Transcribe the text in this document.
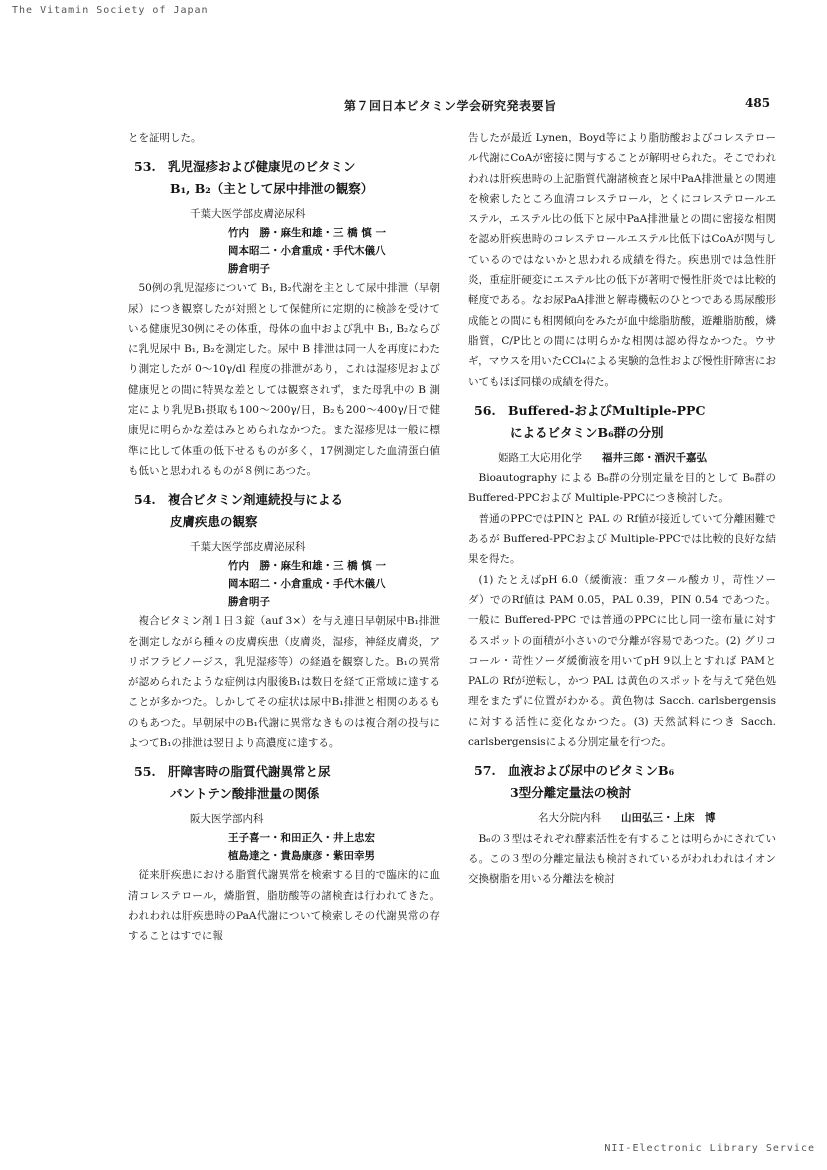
The Vitamin Society of Japan
第７回日本ビタミン学会研究発表要旨	485

とを証明した。

53. 乳児湿疹および健康児のビタミン
B₁, B₂（主として尿中排泄の観察）
千葉大医学部皮膚泌尿科
竹内　勝・麻生和雄・三 橋 慎 一
岡本昭二・小倉重成・手代木儀八
勝倉明子

50例の乳児湿疹について B₁, B₂代謝を主として尿中排泄（早朝尿）につき観察したが対照として保健所に定期的に検診を受けている健康児30例にその体重，母体の血中および乳中 B₁, B₂ならびに乳児尿中 B₁, B₂を測定した。尿中 B 排泄は同一人を再度にわたり測定したが 0～10γ/dl 程度の排泄があり，これは湿疹児および健康児との間に特異な差としては観察されず，また母乳中の B 測定により乳児B₁摂取も100～200γ/日，B₂も200～400γ/日で健康児に明らかな差はみとめられなかつた。また湿疹児は一般に標準に比して体重の低下せるものが多く，17例測定した血清蛋白値も低いと思われるものが８例にあつた。

54. 複合ビタミン剤連続投与による
皮膚疾患の観察
千葉大医学部皮膚泌尿科
竹内　勝・麻生和雄・三 橋 慎 一
岡本昭二・小倉重成・手代木儀八
勝倉明子

複合ビタミン剤１日３錠（auf 3×）を与え連日早朝尿中B₁排泄を測定しながら種々の皮膚疾患（皮膚炎，湿疹，神経皮膚炎，アリボフラビノージス，乳児湿疹等）の経過を観察した。B₁の異常が認められたような症例は内服後B₁は数日を経て正常域に達することが多かつた。しかしてその症状は尿中B₁排泄と相関のあるものもあつた。早朝尿中のB₁代謝に異常なきものは複合剤の投与によつてB₁の排泄は翌日より高濃度に達する。

55. 肝障害時の脂質代謝異常と尿
パントテン酸排泄量の関係
阪大医学部内科
王子喜一・和田正久・井上忠宏
植島達之・貴島康彦・紫田幸男

従来肝疾患における脂質代謝異常を検索する目的で臨床的に血清コレステロール，燐脂質，脂肪酸等の諸検査は行われてきた。われわれは肝疾患時のPaA代謝について検索しその代謝異常の存することはすでに報

告したが最近 Lynen，Boyd等により脂肪酸およびコレステロール代謝にCoAが密接に関与することが解明せられた。そこでわれわれは肝疾患時の上記脂質代謝諸検査と尿中PaA排泄量との関連を検索したところ血清コレステロール，とくにコレステロールエステル，エステル比の低下と尿中PaA排泄量との間に密接な相関を認め肝疾患時のコレステロールエステル比低下はCoAが関与しているのではないかと思われる成績を得た。疾患別では急性肝炎，重症肝硬変にエステル比の低下が著明で慢性肝炎では比較的軽度である。なお尿PaA排泄と解毒機転のひとつである馬尿酸形成能との間にも相関傾向をみたが血中総脂肪酸，遊離脂肪酸，燐脂質，C/P比との間には明らかな相関は認め得なかつた。ウサギ，マウスを用いたCCl₄による実験的急性および慢性肝障害においてもほぼ同様の成績を得た。

56. Buffered-およびMultiple-PPC
によるビタミンB₆群の分別
姫路工大応用化学 福井三郎・酒沢千嘉弘

Bioautography による B₆群の分別定量を目的として B₆群のBuffered-PPCおよび Multiple-PPCにつき検討した。

普通のPPCではPINと PAL の Rf値が接近していて分離困難であるが Buffered-PPCおよび Multiple-PPCでは比較的良好な結果を得た。

(1) たとえばpH 6.0（緩衝液：重フタール酸カリ，苛性ソーダ）でのRf値は PAM 0.05，PAL 0.39，PIN 0.54 であつた。一般に Buffered-PPC では普通のPPCに比し同一塗布量に対するスポットの面積が小さいので分離が容易であつた。(2) グリココール・苛性ソーダ緩衝液を用いてpH 9以上とすれば PAMと PALの Rfが逆転し，かつ PAL は黄色のスポットを与えて発色処理をまたずに位置がわかる。黄色物は Sacch. carlsbergensisに対する活性に変化なかつた。(3) 天然試料につき Sacch. carlsbergensisによる分別定量を行つた。

57. 血液および尿中のビタミンB₆
3型分離定量法の検討
名大分院内科 山田弘三・上床　博

B₆の３型はそれぞれ酵素活性を有することは明らかにされている。この３型の分離定量法も検討されているがわれわれはイオン交換樹脂を用いる分離法を検討

NII-Electronic Library Service
